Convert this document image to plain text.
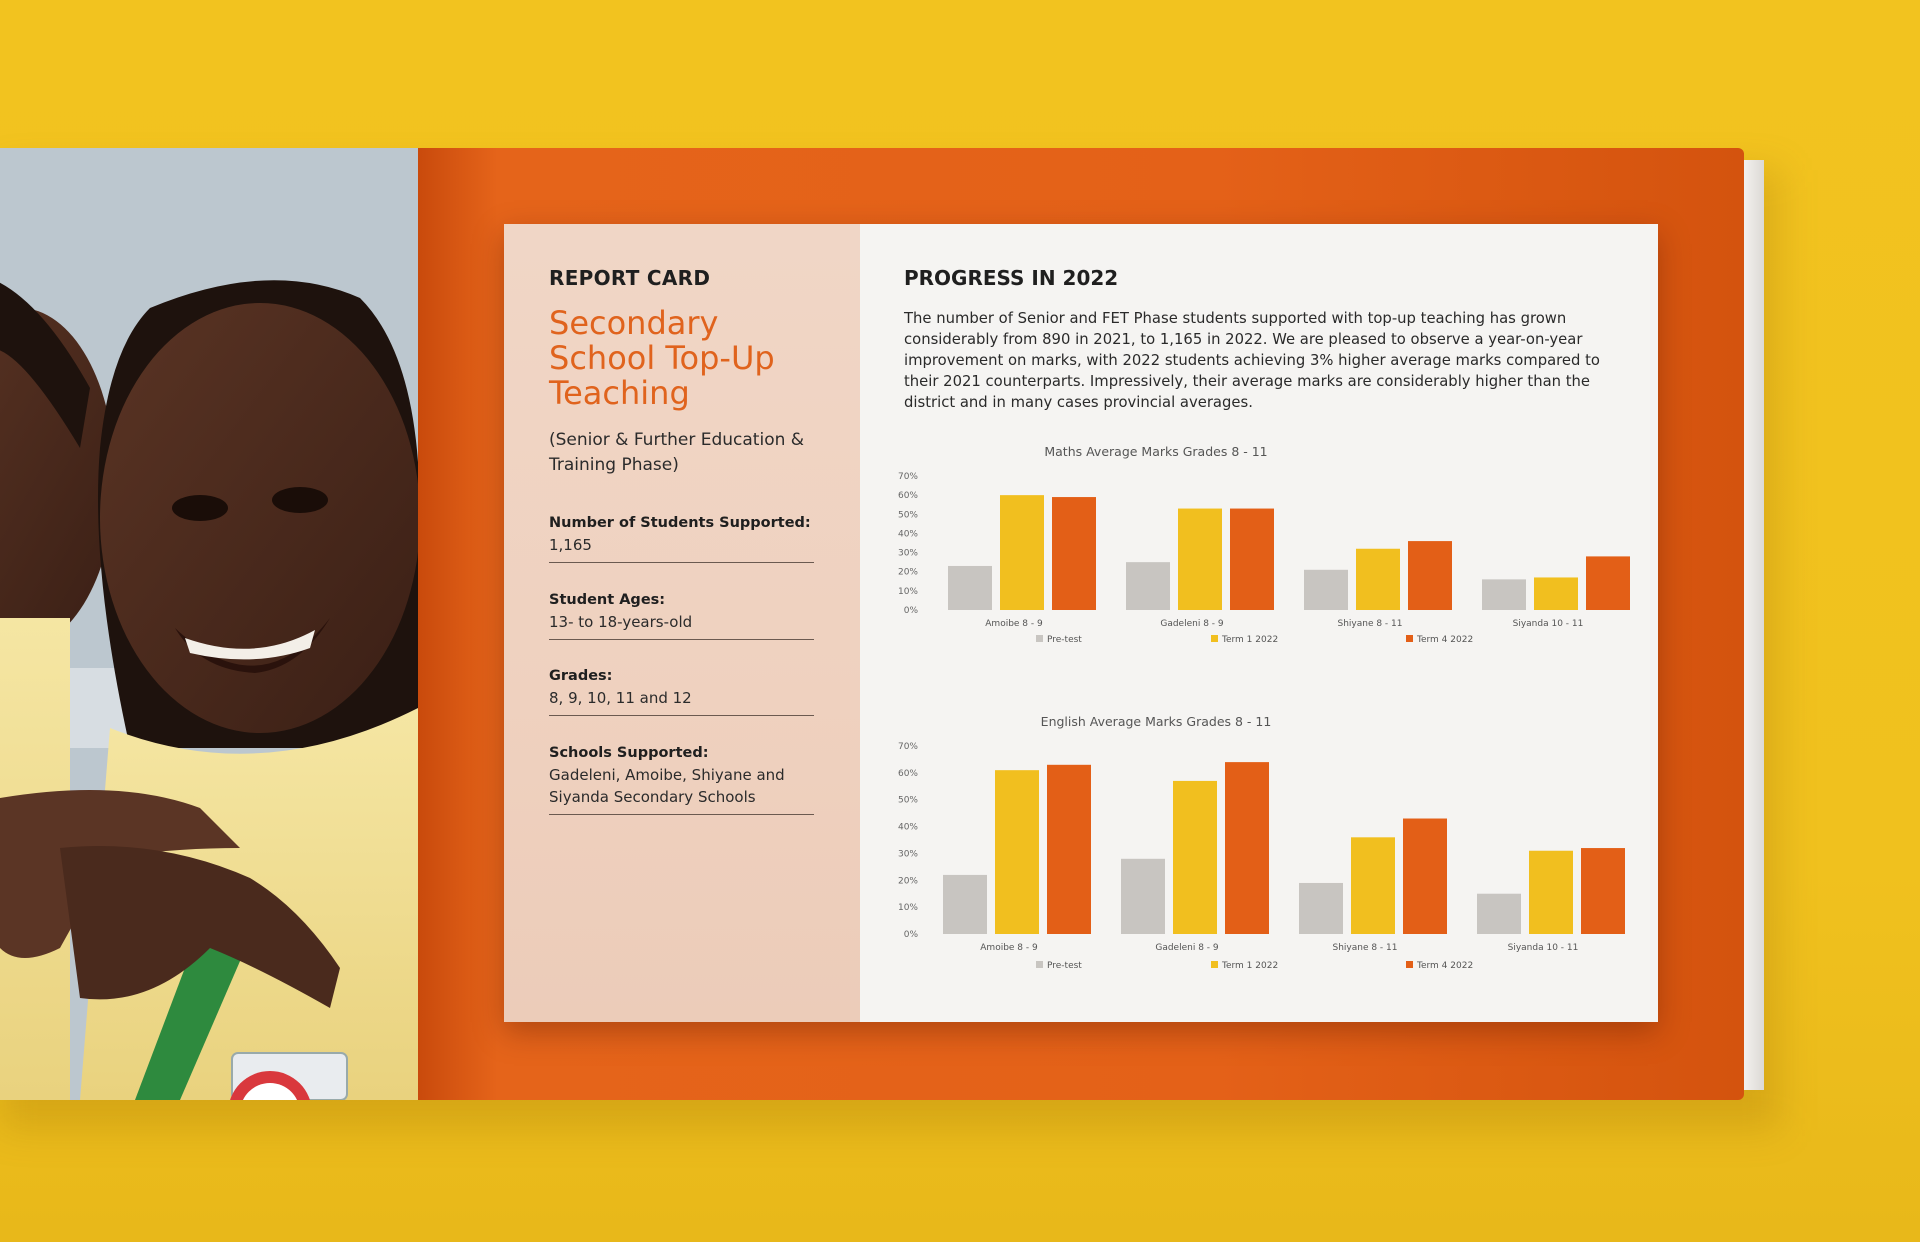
REPORT CARD
Secondary School Top-Up Teaching
(Senior & Further Education & Training Phase)
Number of Students Supported:
1,165
Student Ages:
13- to 18-years-old
Grades:
8, 9, 10, 11 and 12
Schools Supported:
Gadeleni, Amoibe, Shiyane and Siyanda Secondary Schools
PROGRESS IN 2022
The number of Senior and FET Phase students supported with top-up teaching has grown considerably from 890 in 2021, to 1,165 in 2022. We are pleased to observe a year-on-year improvement on marks, with 2022 students achieving 3% higher average marks compared to their 2021 counterparts. Impressively, their average marks are considerably higher than the district and in many cases provincial averages.
Maths Average Marks Grades 8 - 11
0%
10%
20%
30%
40%
50%
60%
70%
Amoibe 8 - 9	Gadeleni 8 - 9	Shiyane 8 - 11	Siyanda 10 - 11
Pre-test	Term 1 2022	Term 4 2022
English Average Marks Grades 8 - 11
0%
10%
20%
30%
40%
50%
60%
70%
Amoibe 8 - 9	Gadeleni 8 - 9	Shiyane 8 - 11	Siyanda 10 - 11
Pre-test	Term 1 2022	Term 4 2022
